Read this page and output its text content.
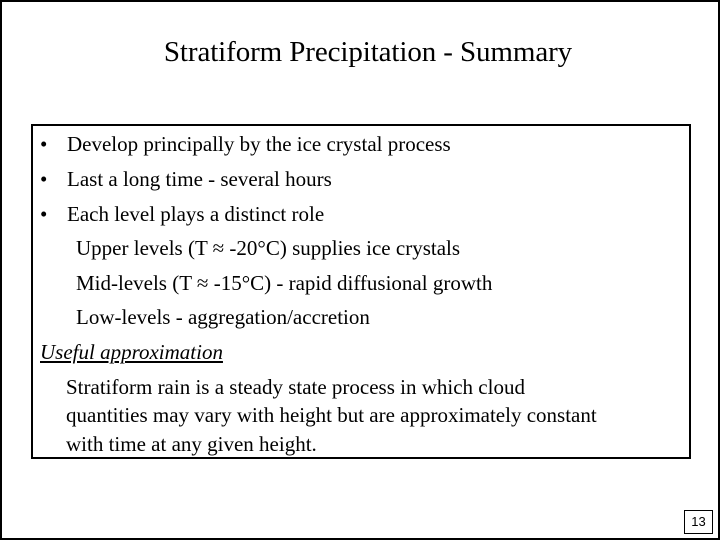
Stratiform Precipitation - Summary
• Develop principally by the ice crystal process
• Last a long time - several hours
• Each level plays a distinct role
Upper levels (T ≈ -20°C) supplies ice crystals
Mid-levels (T ≈ -15°C) - rapid diffusional growth
Low-levels - aggregation/accretion
Useful approximation
Stratiform rain is a steady state process in which cloud
quantities may vary with height but are approximately constant
with time at any given height.
13
